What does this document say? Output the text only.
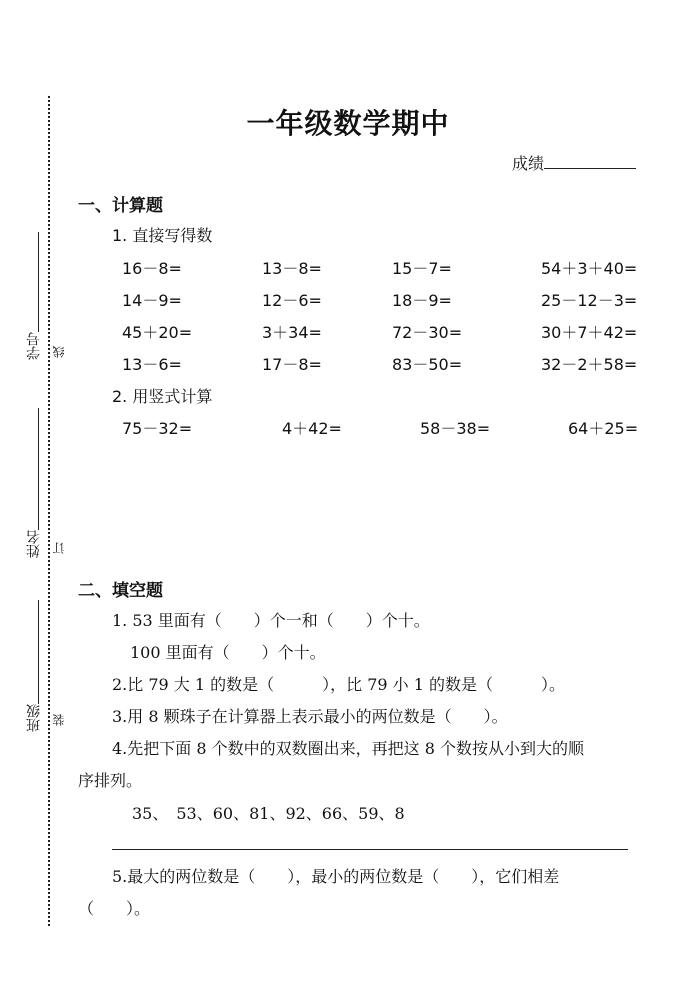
学号 线
姓名 订
班级 装
一年级数学期中
成绩
一、计算题
1. 直接写得数
16－8=	13－8=	15－7=	54＋3＋40=
14－9=	12－6=	18－9=	25－12－3=
45＋20=	3＋34=	72－30=	30＋7＋42=
13－6=	17－8=	83－50=	32－2＋58=
2. 用竖式计算
75－32=	4＋42=	58－38=	64＋25=
二、填空题
1. 53 里面有（　　）个一和（　　）个十。
100 里面有（　　）个十。
2.比 79 大 1 的数是（　　　），比 79 小 1 的数是（　　　）。
3.用 8 颗珠子在计算器上表示最小的两位数是（　　）。
4.先把下面 8 个数中的双数圈出来，再把这 8 个数按从小到大的顺
序排列。
35、　53、60、81、92、66、59、8
5.最大的两位数是（　　），最小的两位数是（　　），它们相差
（　　）。
